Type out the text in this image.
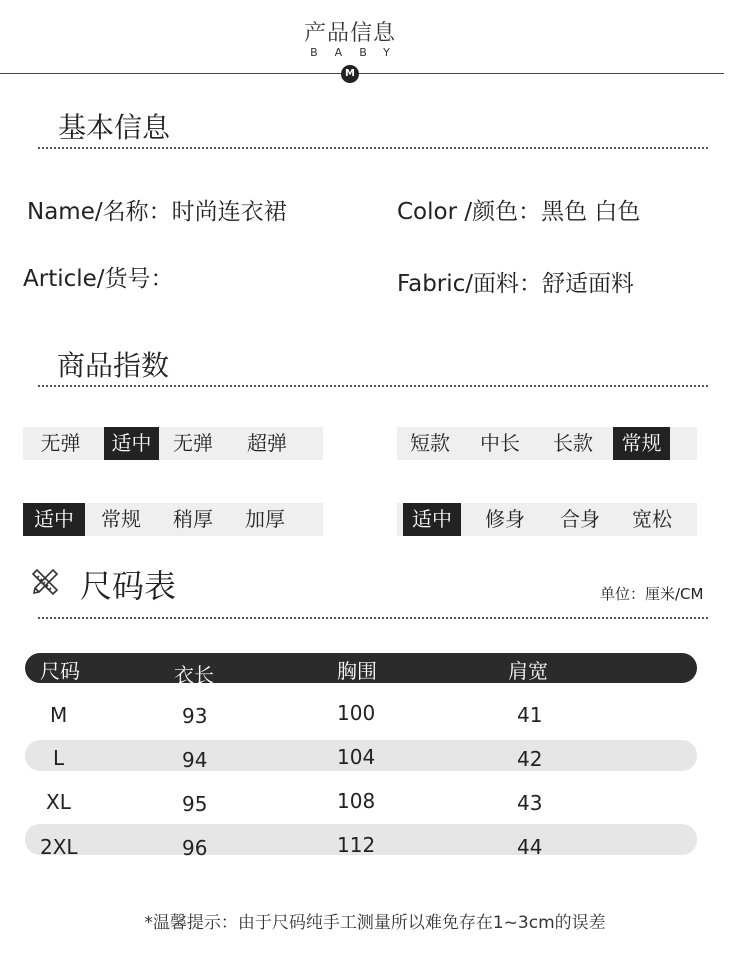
产品信息
BABY
M
基本信息
Name/名称：时尚连衣裙	Color /颜色：黑色 白色
Article/货号：	Fabric/面料：舒适面料
商品指数
无弹	适中	无弹	超弹	短款	中长	长款	常规
适中	常规	稍厚	加厚	适中	修身	合身	宽松
尺码表	单位：厘米/CM
尺码	衣长	胸围	肩宽
M	93	100	41
L	94	104	42
XL	95	108	43
2XL	96	112	44
*温馨提示：由于尺码纯手工测量所以难免存在1~3cm的误差
